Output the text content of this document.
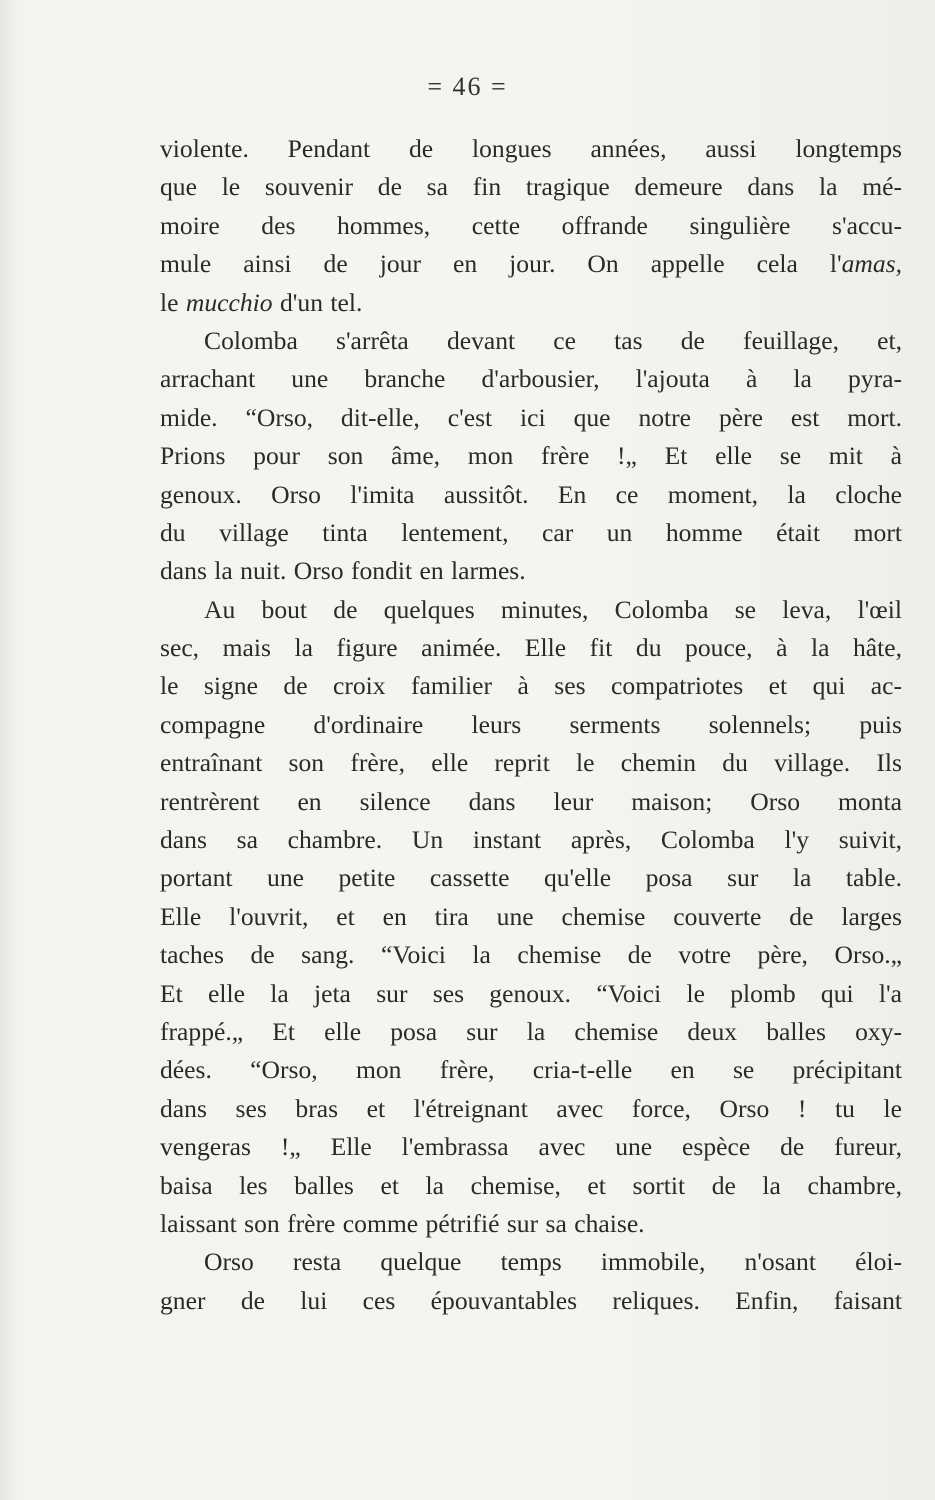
= 46 =
violente. Pendant de longues années, aussi longtemps
que le souvenir de sa fin tragique demeure dans la mé-
moire des hommes, cette offrande singulière s'accu-
mule ainsi de jour en jour. On appelle cela l'amas,
le mucchio d'un tel.
Colomba s'arrêta devant ce tas de feuillage, et,
arrachant une branche d'arbousier, l'ajouta à la pyra-
mide. “Orso, dit-elle, c'est ici que notre père est mort.
Prions pour son âme, mon frère !„ Et elle se mit à
genoux. Orso l'imita aussitôt. En ce moment, la cloche
du village tinta lentement, car un homme était mort
dans la nuit. Orso fondit en larmes.
Au bout de quelques minutes, Colomba se leva, l'œil
sec, mais la figure animée. Elle fit du pouce, à la hâte,
le signe de croix familier à ses compatriotes et qui ac-
compagne d'ordinaire leurs serments solennels; puis
entraînant son frère, elle reprit le chemin du village. Ils
rentrèrent en silence dans leur maison; Orso monta
dans sa chambre. Un instant après, Colomba l'y suivit,
portant une petite cassette qu'elle posa sur la table.
Elle l'ouvrit, et en tira une chemise couverte de larges
taches de sang. “Voici la chemise de votre père, Orso.„
Et elle la jeta sur ses genoux. “Voici le plomb qui l'a
frappé.„ Et elle posa sur la chemise deux balles oxy-
dées. “Orso, mon frère, cria-t-elle en se précipitant
dans ses bras et l'étreignant avec force, Orso ! tu le
vengeras !„ Elle l'embrassa avec une espèce de fureur,
baisa les balles et la chemise, et sortit de la chambre,
laissant son frère comme pétrifié sur sa chaise.
Orso resta quelque temps immobile, n'osant éloi-
gner de lui ces épouvantables reliques. Enfin, faisant
